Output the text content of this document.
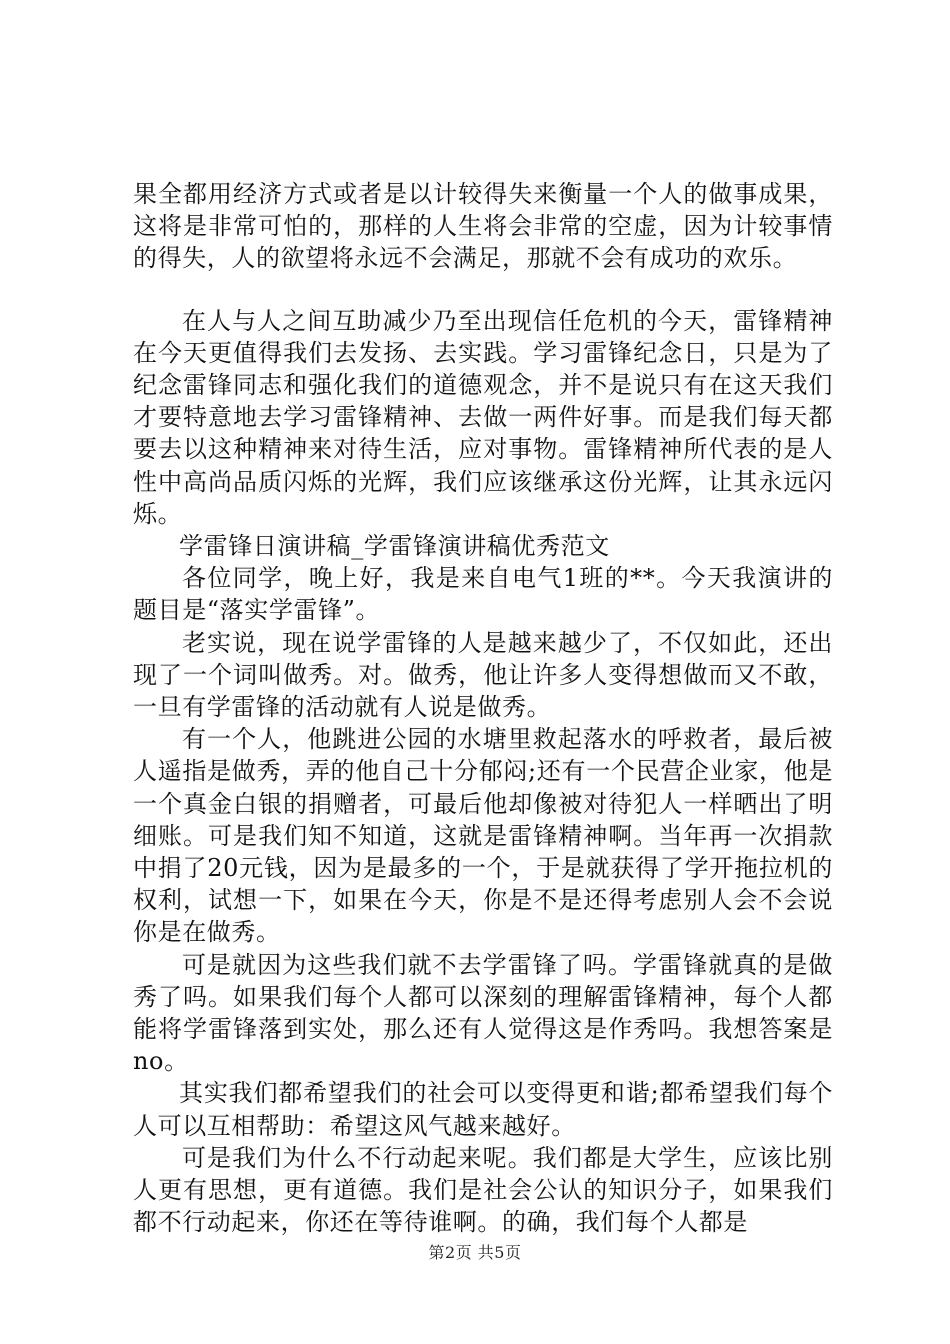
果全都用经济方式或者是以计较得失来衡量一个人的做事成果，这将是非常可怕的，那样的人生将会非常的空虚，因为计较事情的得失，人的欲望将永远不会满足，那就不会有成功的欢乐。

在人与人之间互助减少乃至出现信任危机的今天，雷锋精神在今天更值得我们去发扬、去实践。学习雷锋纪念日，只是为了纪念雷锋同志和强化我们的道德观念，并不是说只有在这天我们才要特意地去学习雷锋精神、去做一两件好事。而是我们每天都要去以这种精神来对待生活，应对事物。雷锋精神所代表的是人性中高尚品质闪烁的光辉，我们应该继承这份光辉，让其永远闪烁。

学雷锋日演讲稿_学雷锋演讲稿优秀范文

各位同学，晚上好，我是来自电气1班的**。今天我演讲的题目是“落实学雷锋”。

老实说，现在说学雷锋的人是越来越少了，不仅如此，还出现了一个词叫做秀。对。做秀，他让许多人变得想做而又不敢，一旦有学雷锋的活动就有人说是做秀。

有一个人，他跳进公园的水塘里救起落水的呼救者，最后被人遥指是做秀，弄的他自己十分郁闷;还有一个民营企业家，他是一个真金白银的捐赠者，可最后他却像被对待犯人一样晒出了明细账。可是我们知不知道，这就是雷锋精神啊。当年再一次捐款中捐了20元钱，因为是最多的一个，于是就获得了学开拖拉机的权利，试想一下，如果在今天，你是不是还得考虑别人会不会说你是在做秀。

可是就因为这些我们就不去学雷锋了吗。学雷锋就真的是做秀了吗。如果我们每个人都可以深刻的理解雷锋精神，每个人都能将学雷锋落到实处，那么还有人觉得这是作秀吗。我想答案是no。

其实我们都希望我们的社会可以变得更和谐;都希望我们每个人可以互相帮助：希望这风气越来越好。

可是我们为什么不行动起来呢。我们都是大学生，应该比别人更有思想，更有道德。我们是社会公认的知识分子，如果我们都不行动起来，你还在等待谁啊。的确，我们每个人都是

第2页 共5页
